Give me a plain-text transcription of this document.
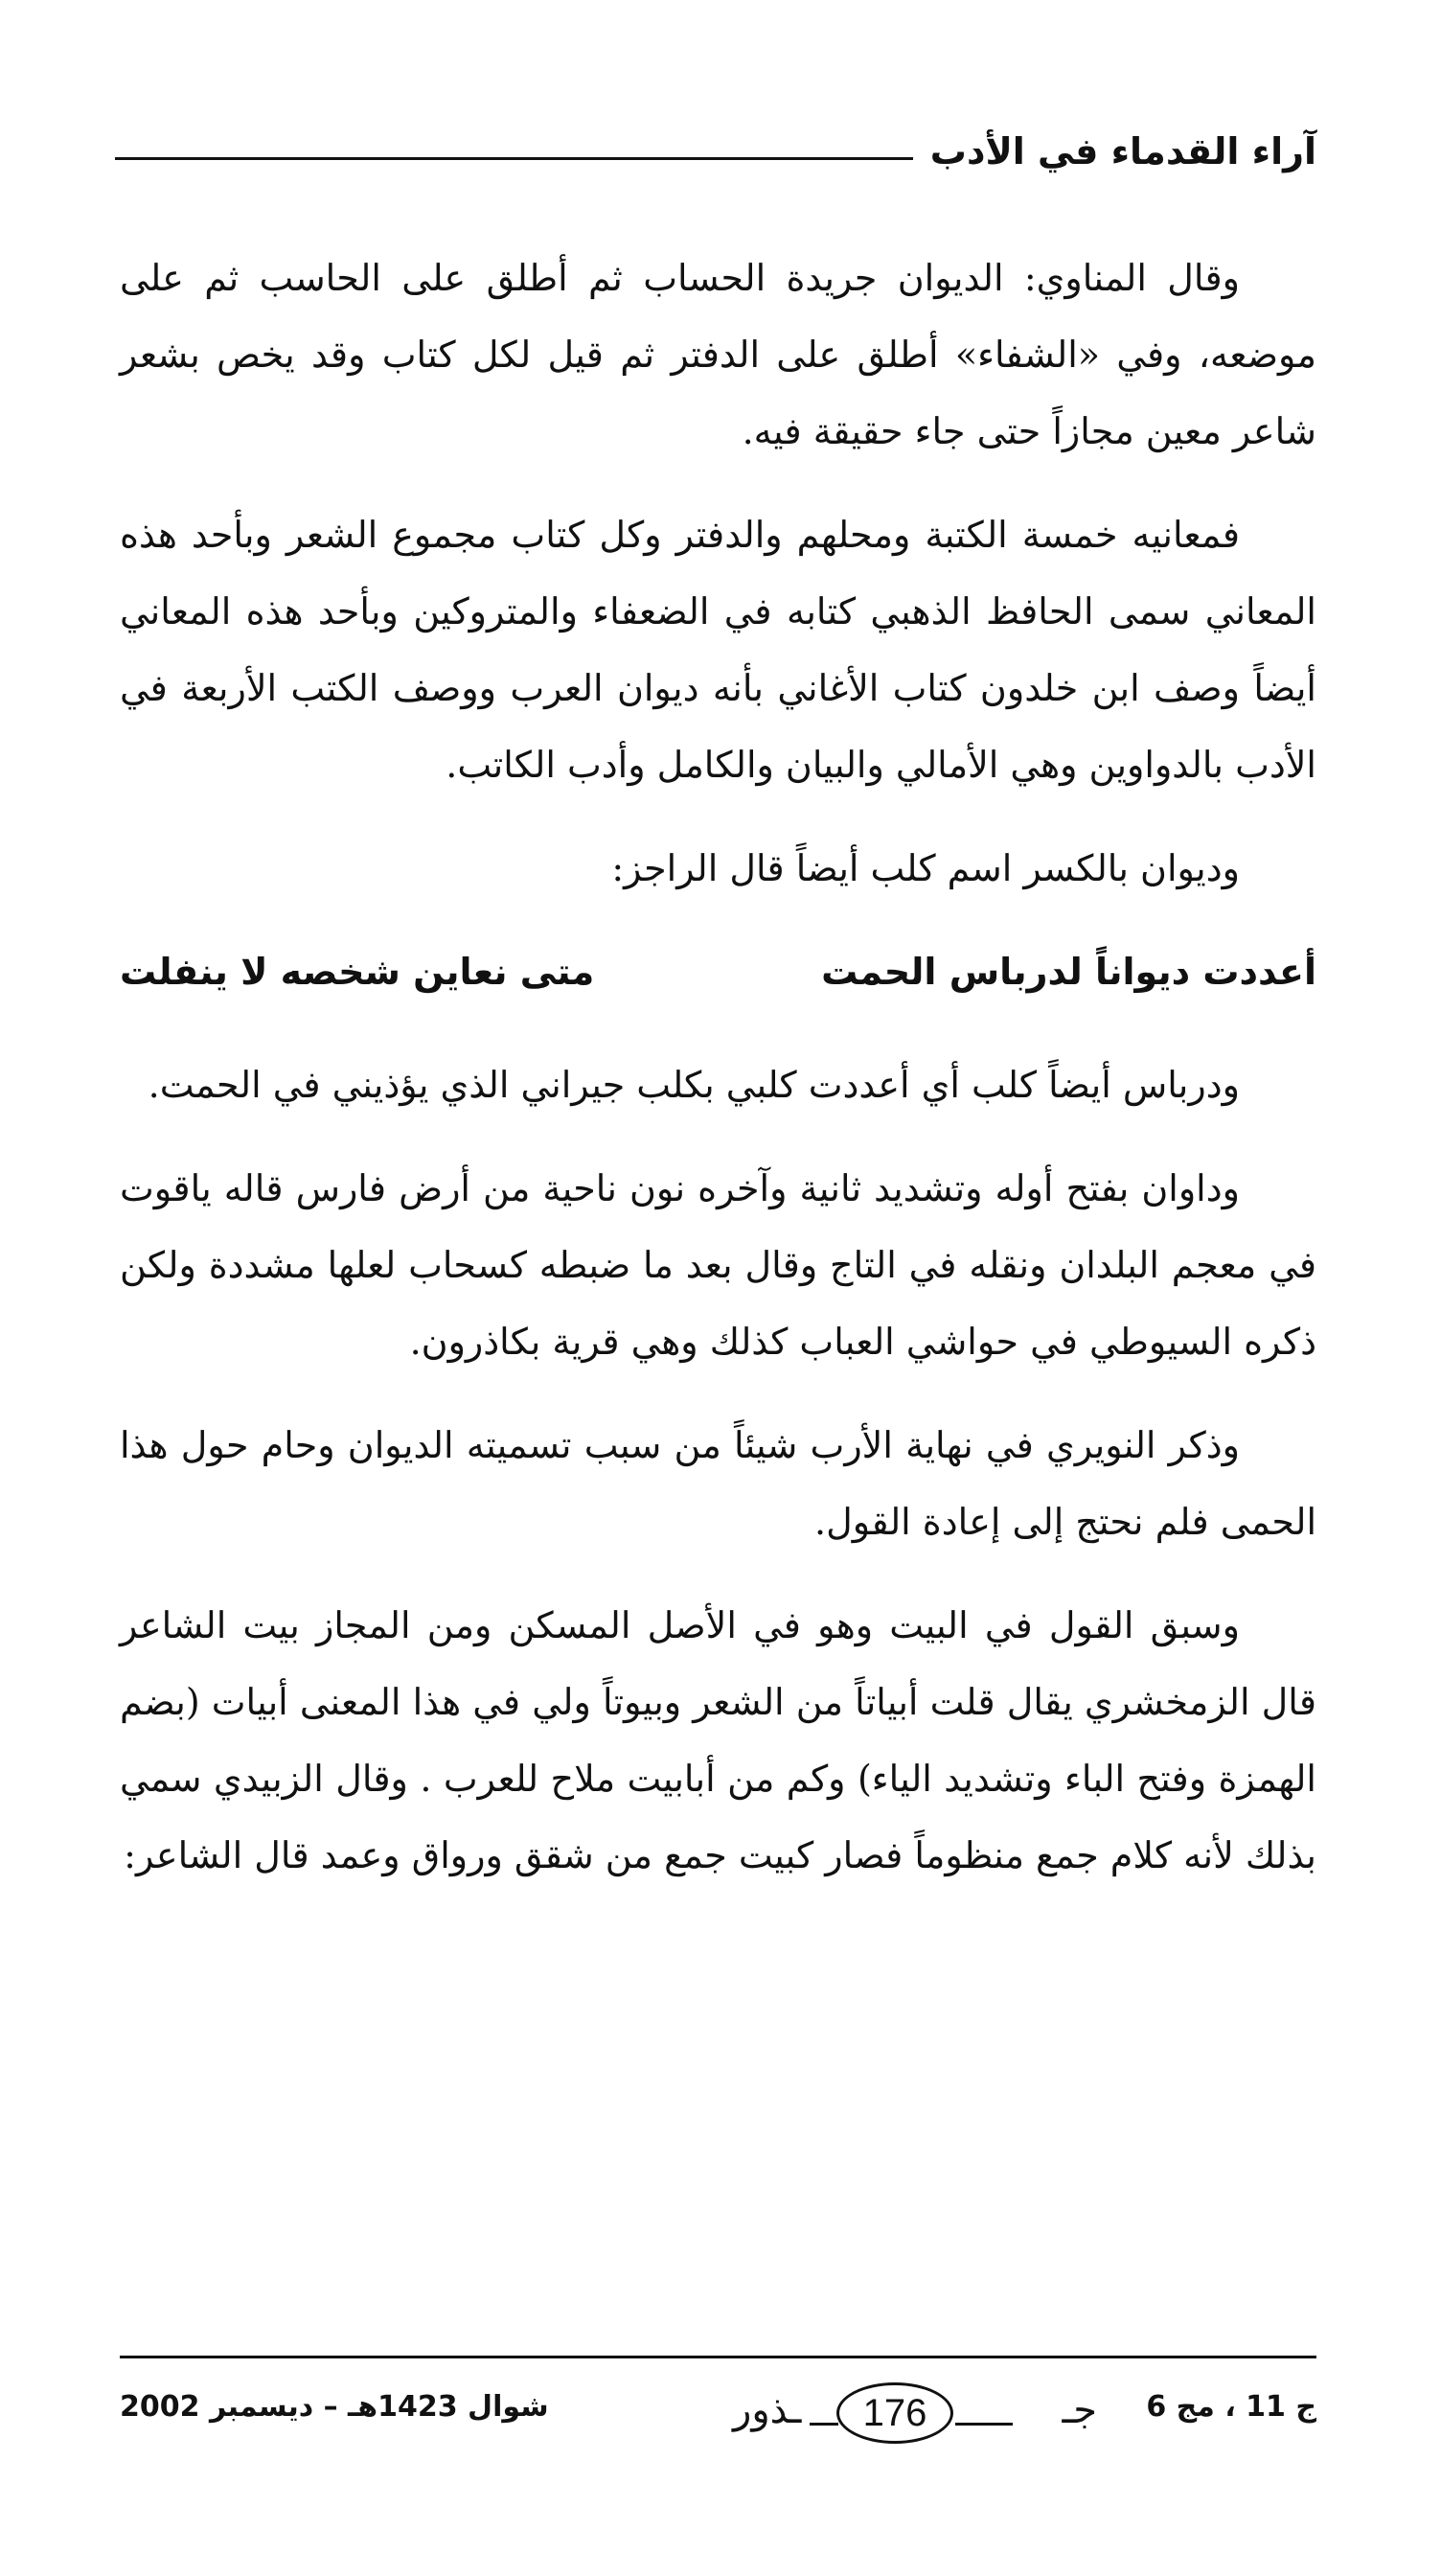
آراء القدماء في الأدب

وقال المناوي: الديوان جريدة الحساب ثم أطلق على الحاسب ثم على موضعه، وفي «الشفاء» أطلق على الدفتر ثم قيل لكل كتاب وقد يخص بشعر شاعر معين مجازاً حتى جاء حقيقة فيه.

فمعانيه خمسة الكتبة ومحلهم والدفتر وكل كتاب مجموع الشعر وبأحد هذه المعاني سمى الحافظ الذهبي كتابه في الضعفاء والمتروكين وبأحد هذه المعاني أيضاً وصف ابن خلدون كتاب الأغاني بأنه ديوان العرب ووصف الكتب الأربعة في الأدب بالدواوين وهي الأمالي والبيان والكامل وأدب الكاتب.

وديوان بالكسر اسم كلب أيضاً قال الراجز:

أعددت ديواناً لدرباس الحمت
متى نعاين شخصه لا ينفلت

ودرباس أيضاً كلب أي أعددت كلبي بكلب جيراني الذي يؤذيني في الحمت.

وداوان بفتح أوله وتشديد ثانية وآخره نون ناحية من أرض فارس قاله ياقوت في معجم البلدان ونقله في التاج وقال بعد ما ضبطه كسحاب لعلها مشددة ولكن ذكره السيوطي في حواشي العباب كذلك وهي قرية بكاذرون.

وذكر النويري في نهاية الأرب شيئاً من سبب تسميته الديوان وحام حول هذا الحمى فلم نحتج إلى إعادة القول.

وسبق القول في البيت وهو في الأصل المسكن ومن المجاز بيت الشاعر قال الزمخشري يقال قلت أبياتاً من الشعر وبيوتاً ولي في هذا المعنى أبيات (بضم الهمزة وفتح الباء وتشديد الياء) وكم من أبابيت ملاح للعرب . وقال الزبيدي سمي بذلك لأنه كلام جمع منظوماً فصار كبيت جمع من شقق ورواق وعمد قال الشاعر:

شوال 1423هـ – ديسمبر 2002	ـذور 176	جـ ج 11 ، مج 6
